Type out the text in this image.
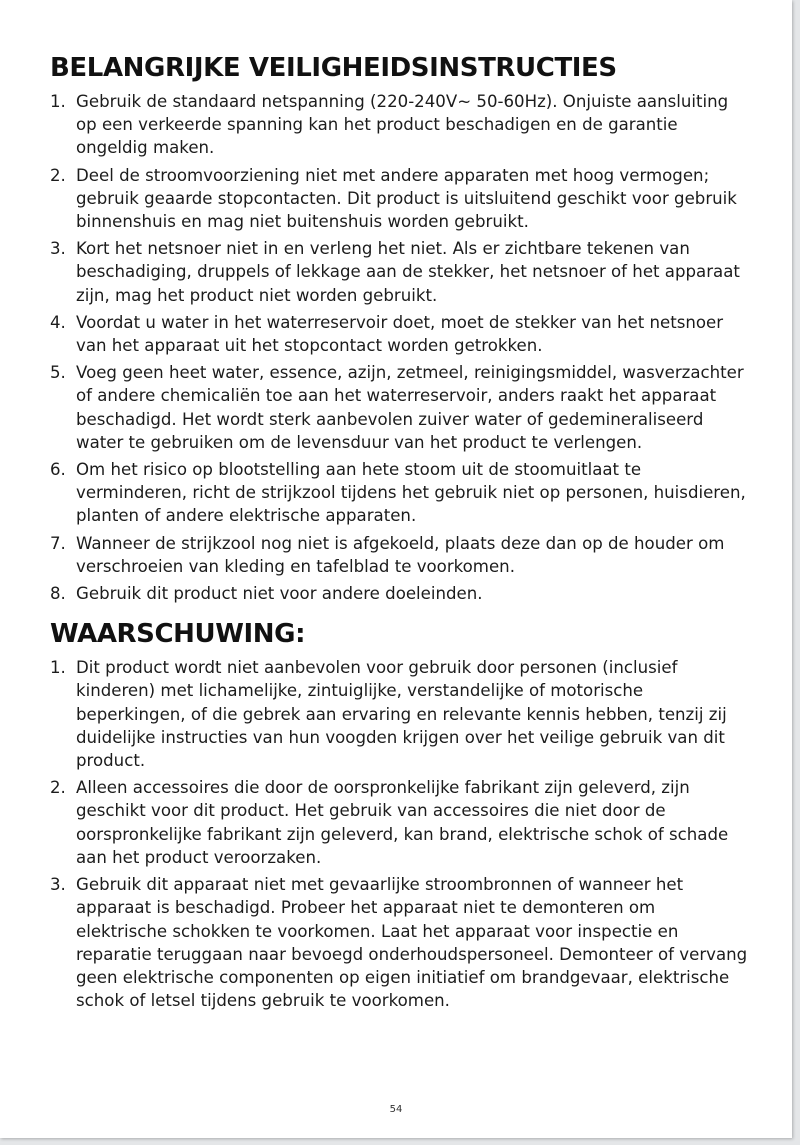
BELANGRIJKE VEILIGHEIDSINSTRUCTIES
1. Gebruik de standaard netspanning (220-240V~ 50-60Hz). Onjuiste aansluiting op een verkeerde spanning kan het product beschadigen en de garantie ongeldig maken.
2. Deel de stroomvoorziening niet met andere apparaten met hoog vermogen; gebruik geaarde stopcontacten. Dit product is uitsluitend geschikt voor gebruik binnenshuis en mag niet buitenshuis worden gebruikt.
3. Kort het netsnoer niet in en verleng het niet. Als er zichtbare tekenen van beschadiging, druppels of lekkage aan de stekker, het netsnoer of het apparaat zijn, mag het product niet worden gebruikt.
4. Voordat u water in het waterreservoir doet, moet de stekker van het netsnoer van het apparaat uit het stopcontact worden getrokken.
5. Voeg geen heet water, essence, azijn, zetmeel, reinigingsmiddel, wasverzachter of andere chemicaliën toe aan het waterreservoir, anders raakt het apparaat beschadigd. Het wordt sterk aanbevolen zuiver water of gedemineraliseerd water te gebruiken om de levensduur van het product te verlengen.
6. Om het risico op blootstelling aan hete stoom uit de stoomuitlaat te verminderen, richt de strijkzool tijdens het gebruik niet op personen, huisdieren, planten of andere elektrische apparaten.
7. Wanneer de strijkzool nog niet is afgekoeld, plaats deze dan op de houder om verschroeien van kleding en tafelblad te voorkomen.
8. Gebruik dit product niet voor andere doeleinden.
WAARSCHUWING:
1. Dit product wordt niet aanbevolen voor gebruik door personen (inclusief kinderen) met lichamelijke, zintuiglijke, verstandelijke of motorische beperkingen, of die gebrek aan ervaring en relevante kennis hebben, tenzij zij duidelijke instructies van hun voogden krijgen over het veilige gebruik van dit product.
2. Alleen accessoires die door de oorspronkelijke fabrikant zijn geleverd, zijn geschikt voor dit product. Het gebruik van accessoires die niet door de oorspronkelijke fabrikant zijn geleverd, kan brand, elektrische schok of schade aan het product veroorzaken.
3. Gebruik dit apparaat niet met gevaarlijke stroombronnen of wanneer het apparaat is beschadigd. Probeer het apparaat niet te demonteren om elektrische schokken te voorkomen. Laat het apparaat voor inspectie en reparatie teruggaan naar bevoegd onderhoudspersoneel. Demonteer of vervang geen elektrische componenten op eigen initiatief om brandgevaar, elektrische schok of letsel tijdens gebruik te voorkomen.
54
